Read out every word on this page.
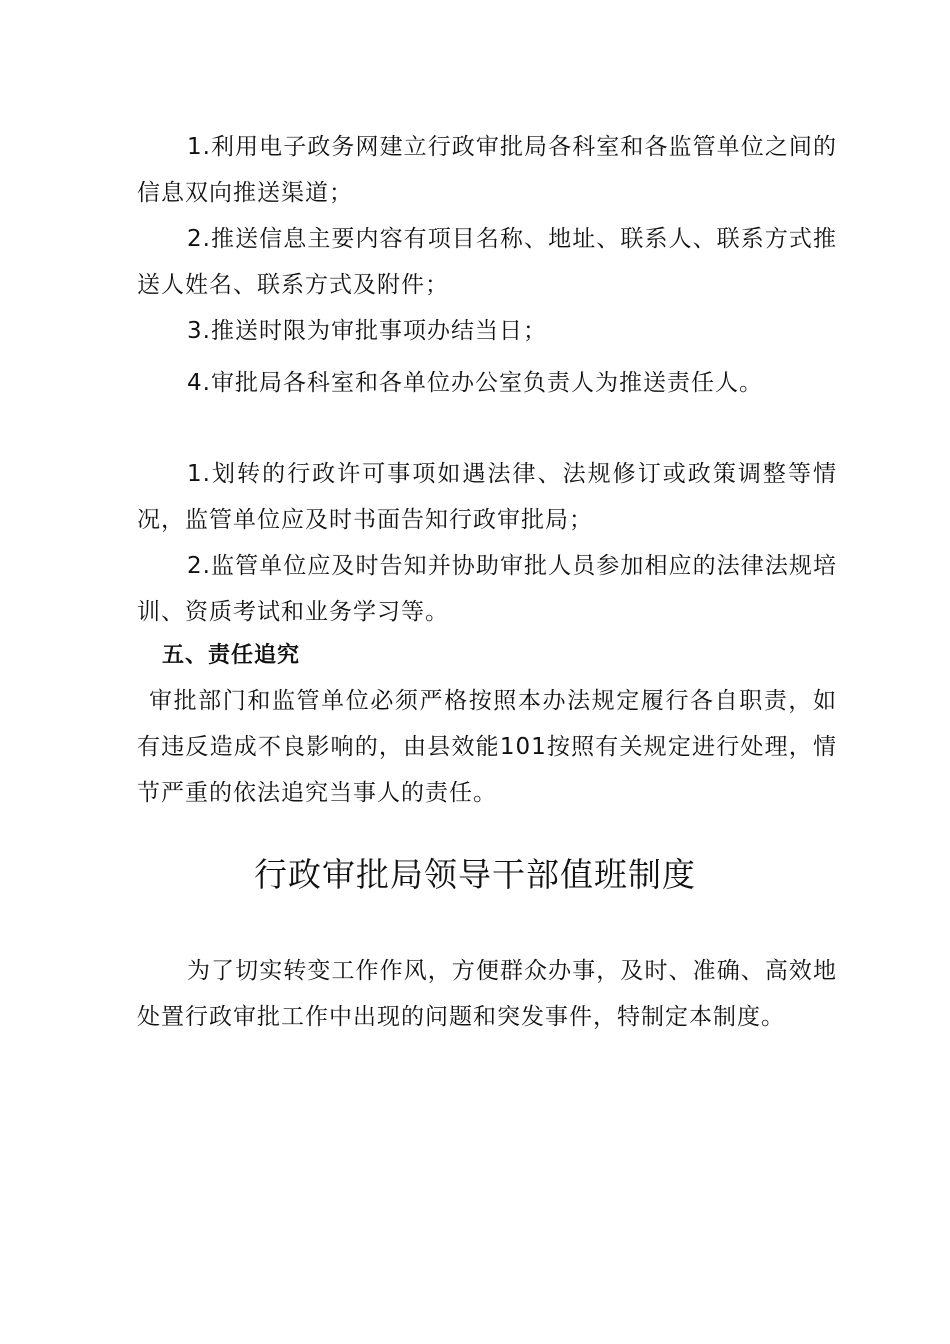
1.利用电子政务网建立行政审批局各科室和各监管单位之间的信息双向推送渠道；

2.推送信息主要内容有项目名称、地址、联系人、联系方式推送人姓名、联系方式及附件；

3.推送时限为审批事项办结当日；

4.审批局各科室和各单位办公室负责人为推送责任人。

1.划转的行政许可事项如遇法律、法规修订或政策调整等情况，监管单位应及时书面告知行政审批局；

2.监管单位应及时告知并协助审批人员参加相应的法律法规培训、资质考试和业务学习等。

五、责任追究

审批部门和监管单位必须严格按照本办法规定履行各自职责，如有违反造成不良影响的，由县效能101按照有关规定进行处理，情节严重的依法追究当事人的责任。

行政审批局领导干部值班制度

为了切实转变工作作风，方便群众办事，及时、准确、高效地处置行政审批工作中出现的问题和突发事件，特制定本制度。
